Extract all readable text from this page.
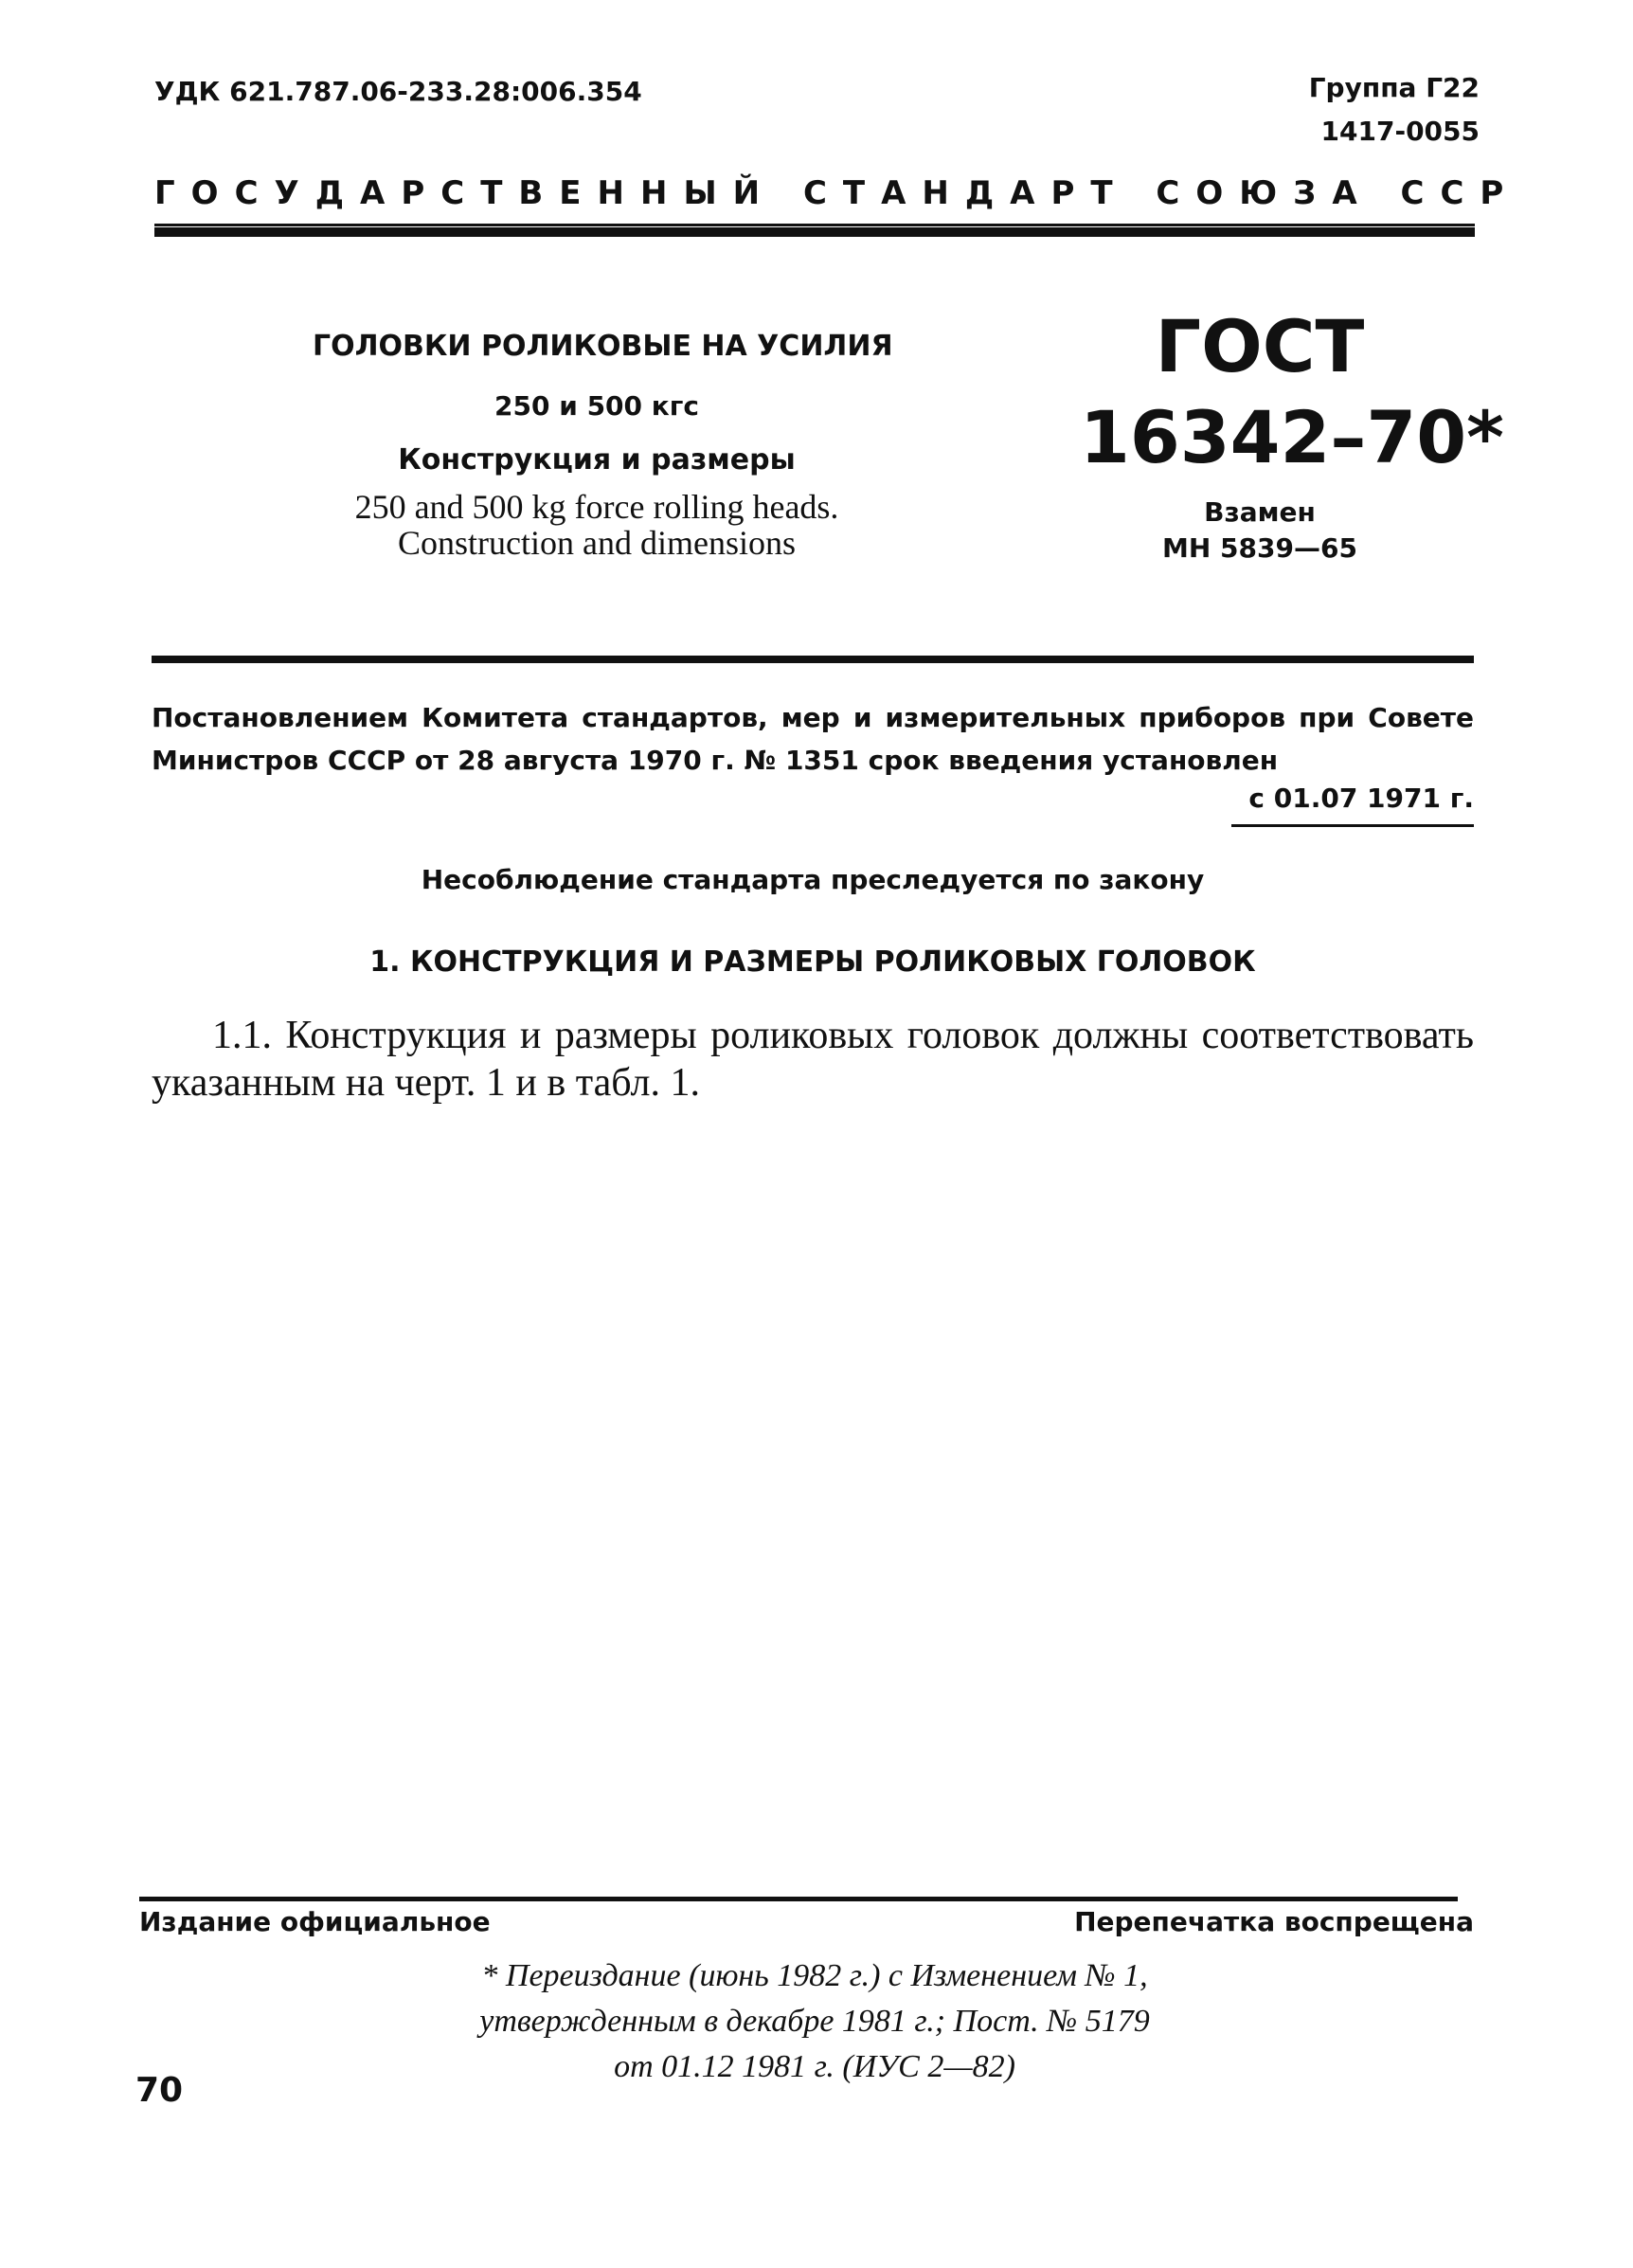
УДК 621.787.06-233.28:006.354	Группа Г22
1417-0055
ГОСУДАРСТВЕННЫЙ СТАНДАРТ СОЮЗА ССР
ГОЛОВКИ РОЛИКОВЫЕ НА УСИЛИЯ
250 и 500 кгс
Конструкция и размеры
250 and 500 kg force rolling heads. Construction and dimensions
ГОСТ
16342–70*
Взамен
МН 5839—65
Постановлением Комитета стандартов, мер и измерительных приборов при Совете Министров СССР от 28 августа 1970 г. № 1351 срок введения установлен
с 01.07 1971 г.
Несоблюдение стандарта преследуется по закону
1. КОНСТРУКЦИЯ И РАЗМЕРЫ РОЛИКОВЫХ ГОЛОВОК
1.1. Конструкция и размеры роликовых головок должны соответствовать указанным на черт. 1 и в табл. 1.
Издание официальное	Перепечатка воспрещена
* Переиздание (июнь 1982 г.) с Изменением № 1,
утвержденным в декабре 1981 г.; Пост. № 5179
от 01.12 1981 г. (ИУС 2—82)
70
